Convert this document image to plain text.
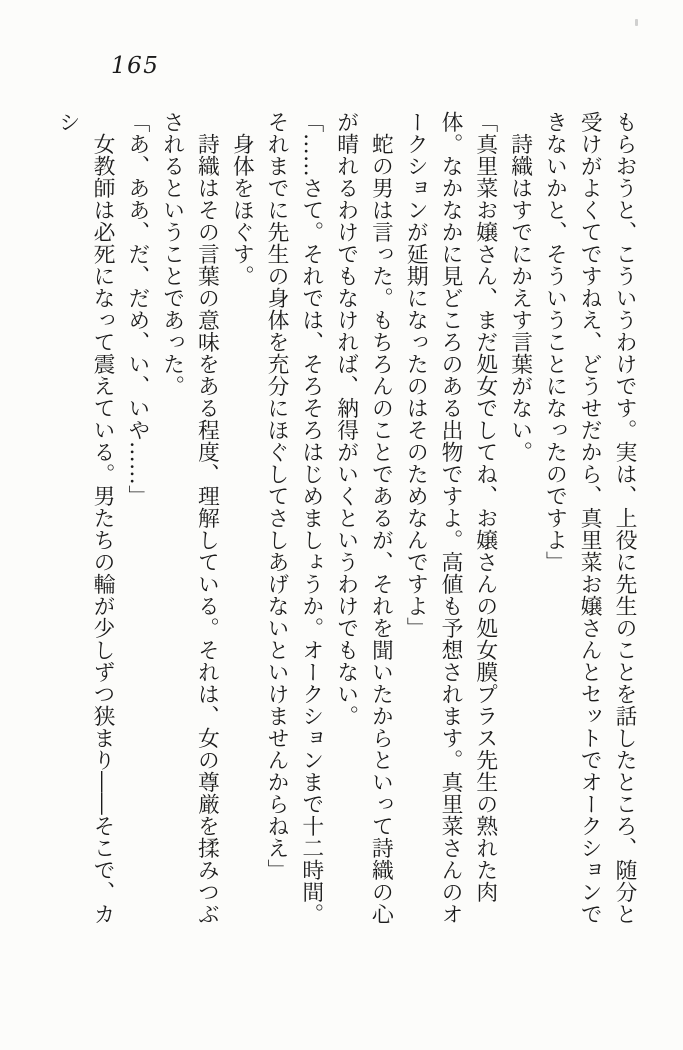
165

もらおうと、こういうわけです。実は、上役に先生のことを話したところ、随分と受けがよくてですねえ、どうせだから、真里菜お嬢さんとセットでオークションできないかと、そういうことになったのですよ」

詩織はすでにかえす言葉がない。

「真里菜お嬢さん、まだ処女でしてね、お嬢さんの処女膜プラス先生の熟れた肉体。なかなかに見どころのある出物ですよ。高値も予想されます。真里菜さんのオークションが延期になったのはそのためなんですよ」

蛇の男は言った。もちろんのことであるが、それを聞いたからといって詩織の心が晴れるわけでもなければ、納得がいくというわけでもない。

「……さて。それでは、そろそろはじめましょうか。オークションまで十二時間。それまでに先生の身体を充分にほぐしてさしあげないといけませんからねえ」

身体をほぐす。

詩織はその言葉の意味をある程度、理解している。それは、女の尊厳を揉みつぶされるということであった。

「あ、ああ、だ、だめ、い、いや……」

女教師は必死になって震えている。男たちの輪が少しずつ狭まり――そこで、カシ
